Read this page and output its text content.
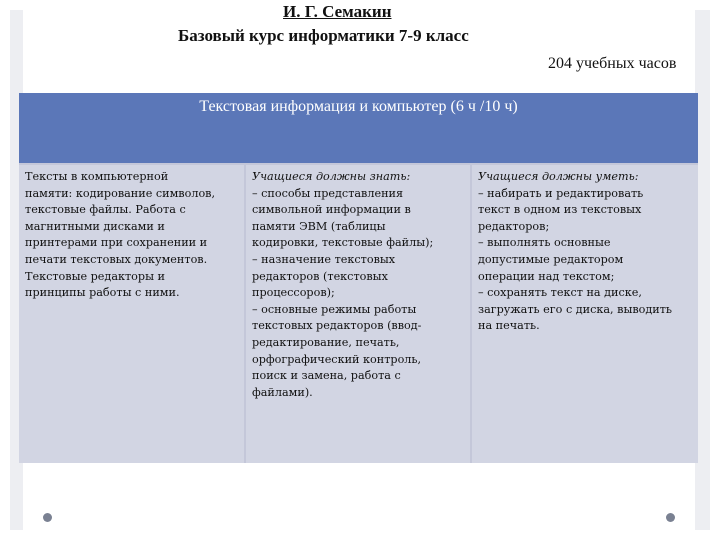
И. Г. Семакин
Базовый курс информатики 7-9 класс
204 учебных часов
Текстовая информация и компьютер (6 ч /10 ч)
Тексты в компьютерной
памяти: кодирование символов,
текстовые файлы. Работа с
магнитными дисками и
принтерами при сохранении и
печати текстовых документов.
Текстовые редакторы и
принципы работы с ними.
Учащиеся должны знать:
– способы представления
символьной информации в
памяти ЭВМ (таблицы
кодировки, текстовые файлы);
– назначение текстовых
редакторов (текстовых
процессоров);
– основные режимы работы
текстовых редакторов (ввод-
редактирование, печать,
орфографический контроль,
поиск и замена, работа с
файлами).
Учащиеся должны уметь:
– набирать и редактировать
текст в одном из текстовых
редакторов;
– выполнять основные
допустимые редактором
операции над текстом;
– сохранять текст на диске,
загружать его с диска, выводить
на печать.
